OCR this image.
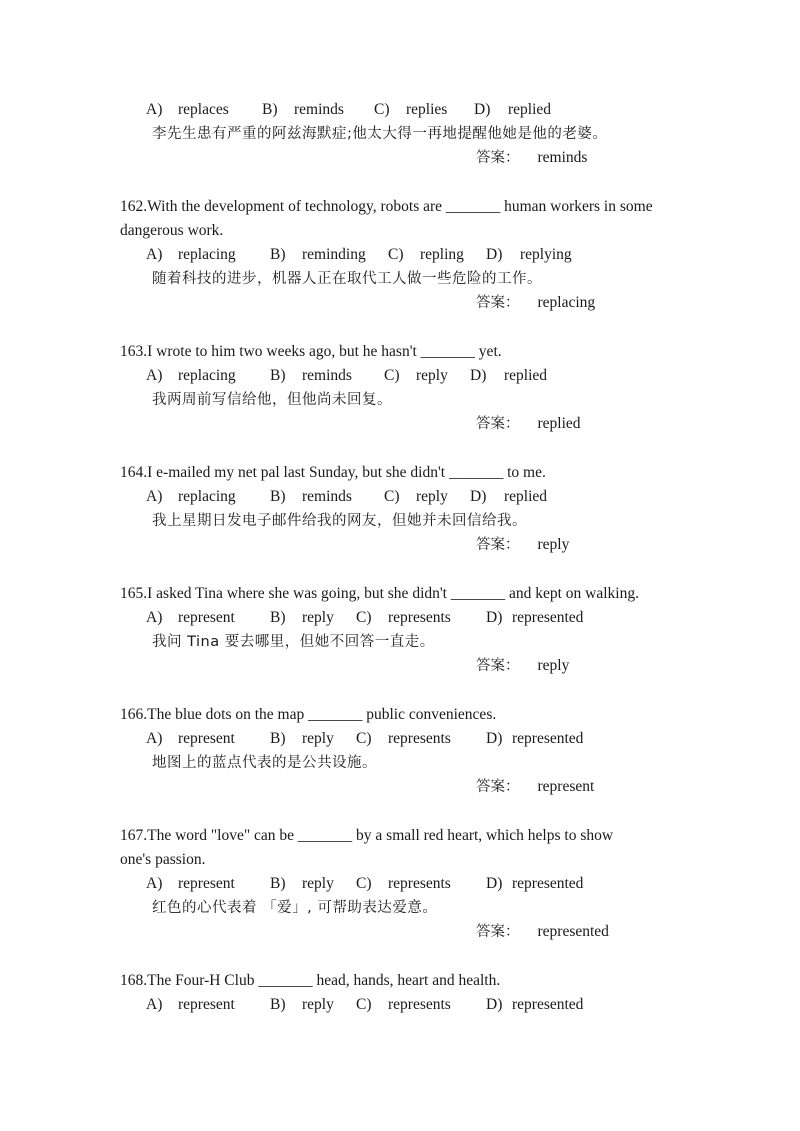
A) replaces B) reminds C) replies D) replied
李先生患有严重的阿兹海默症;他太大得一再地提醒他她是他的老婆。
答案： reminds
162.With the development of technology, robots are _______ human workers in some
dangerous work.
A) replacing B) reminding C) repling D) replying
随着科技的进步，机器人正在取代工人做一些危险的工作。
答案： replacing
163.I wrote to him two weeks ago, but he hasn't _______ yet.
A) replacing B) reminds C) reply D) replied
我两周前写信给他，但他尚未回复。
答案： replied
164.I e-mailed my net pal last Sunday, but she didn't _______ to me.
A) replacing B) reminds C) reply D) replied
我上星期日发电子邮件给我的网友，但她并未回信给我。
答案： reply
165.I asked Tina where she was going, but she didn't _______ and kept on walking.
A) represent B) reply C) represents D) represented
我问 Tina 要去哪里，但她不回答一直走。
答案： reply
166.The blue dots on the map _______ public conveniences.
A) represent B) reply C) represents D) represented
地图上的蓝点代表的是公共设施。
答案： represent
167.The word "love" can be _______ by a small red heart, which helps to show
one's passion.
A) represent B) reply C) represents D) represented
红色的心代表着 「爱」, 可帮助表达爱意。
答案： represented
168.The Four-H Club _______ head, hands, heart and health.
A) represent B) reply C) represents D) represented
